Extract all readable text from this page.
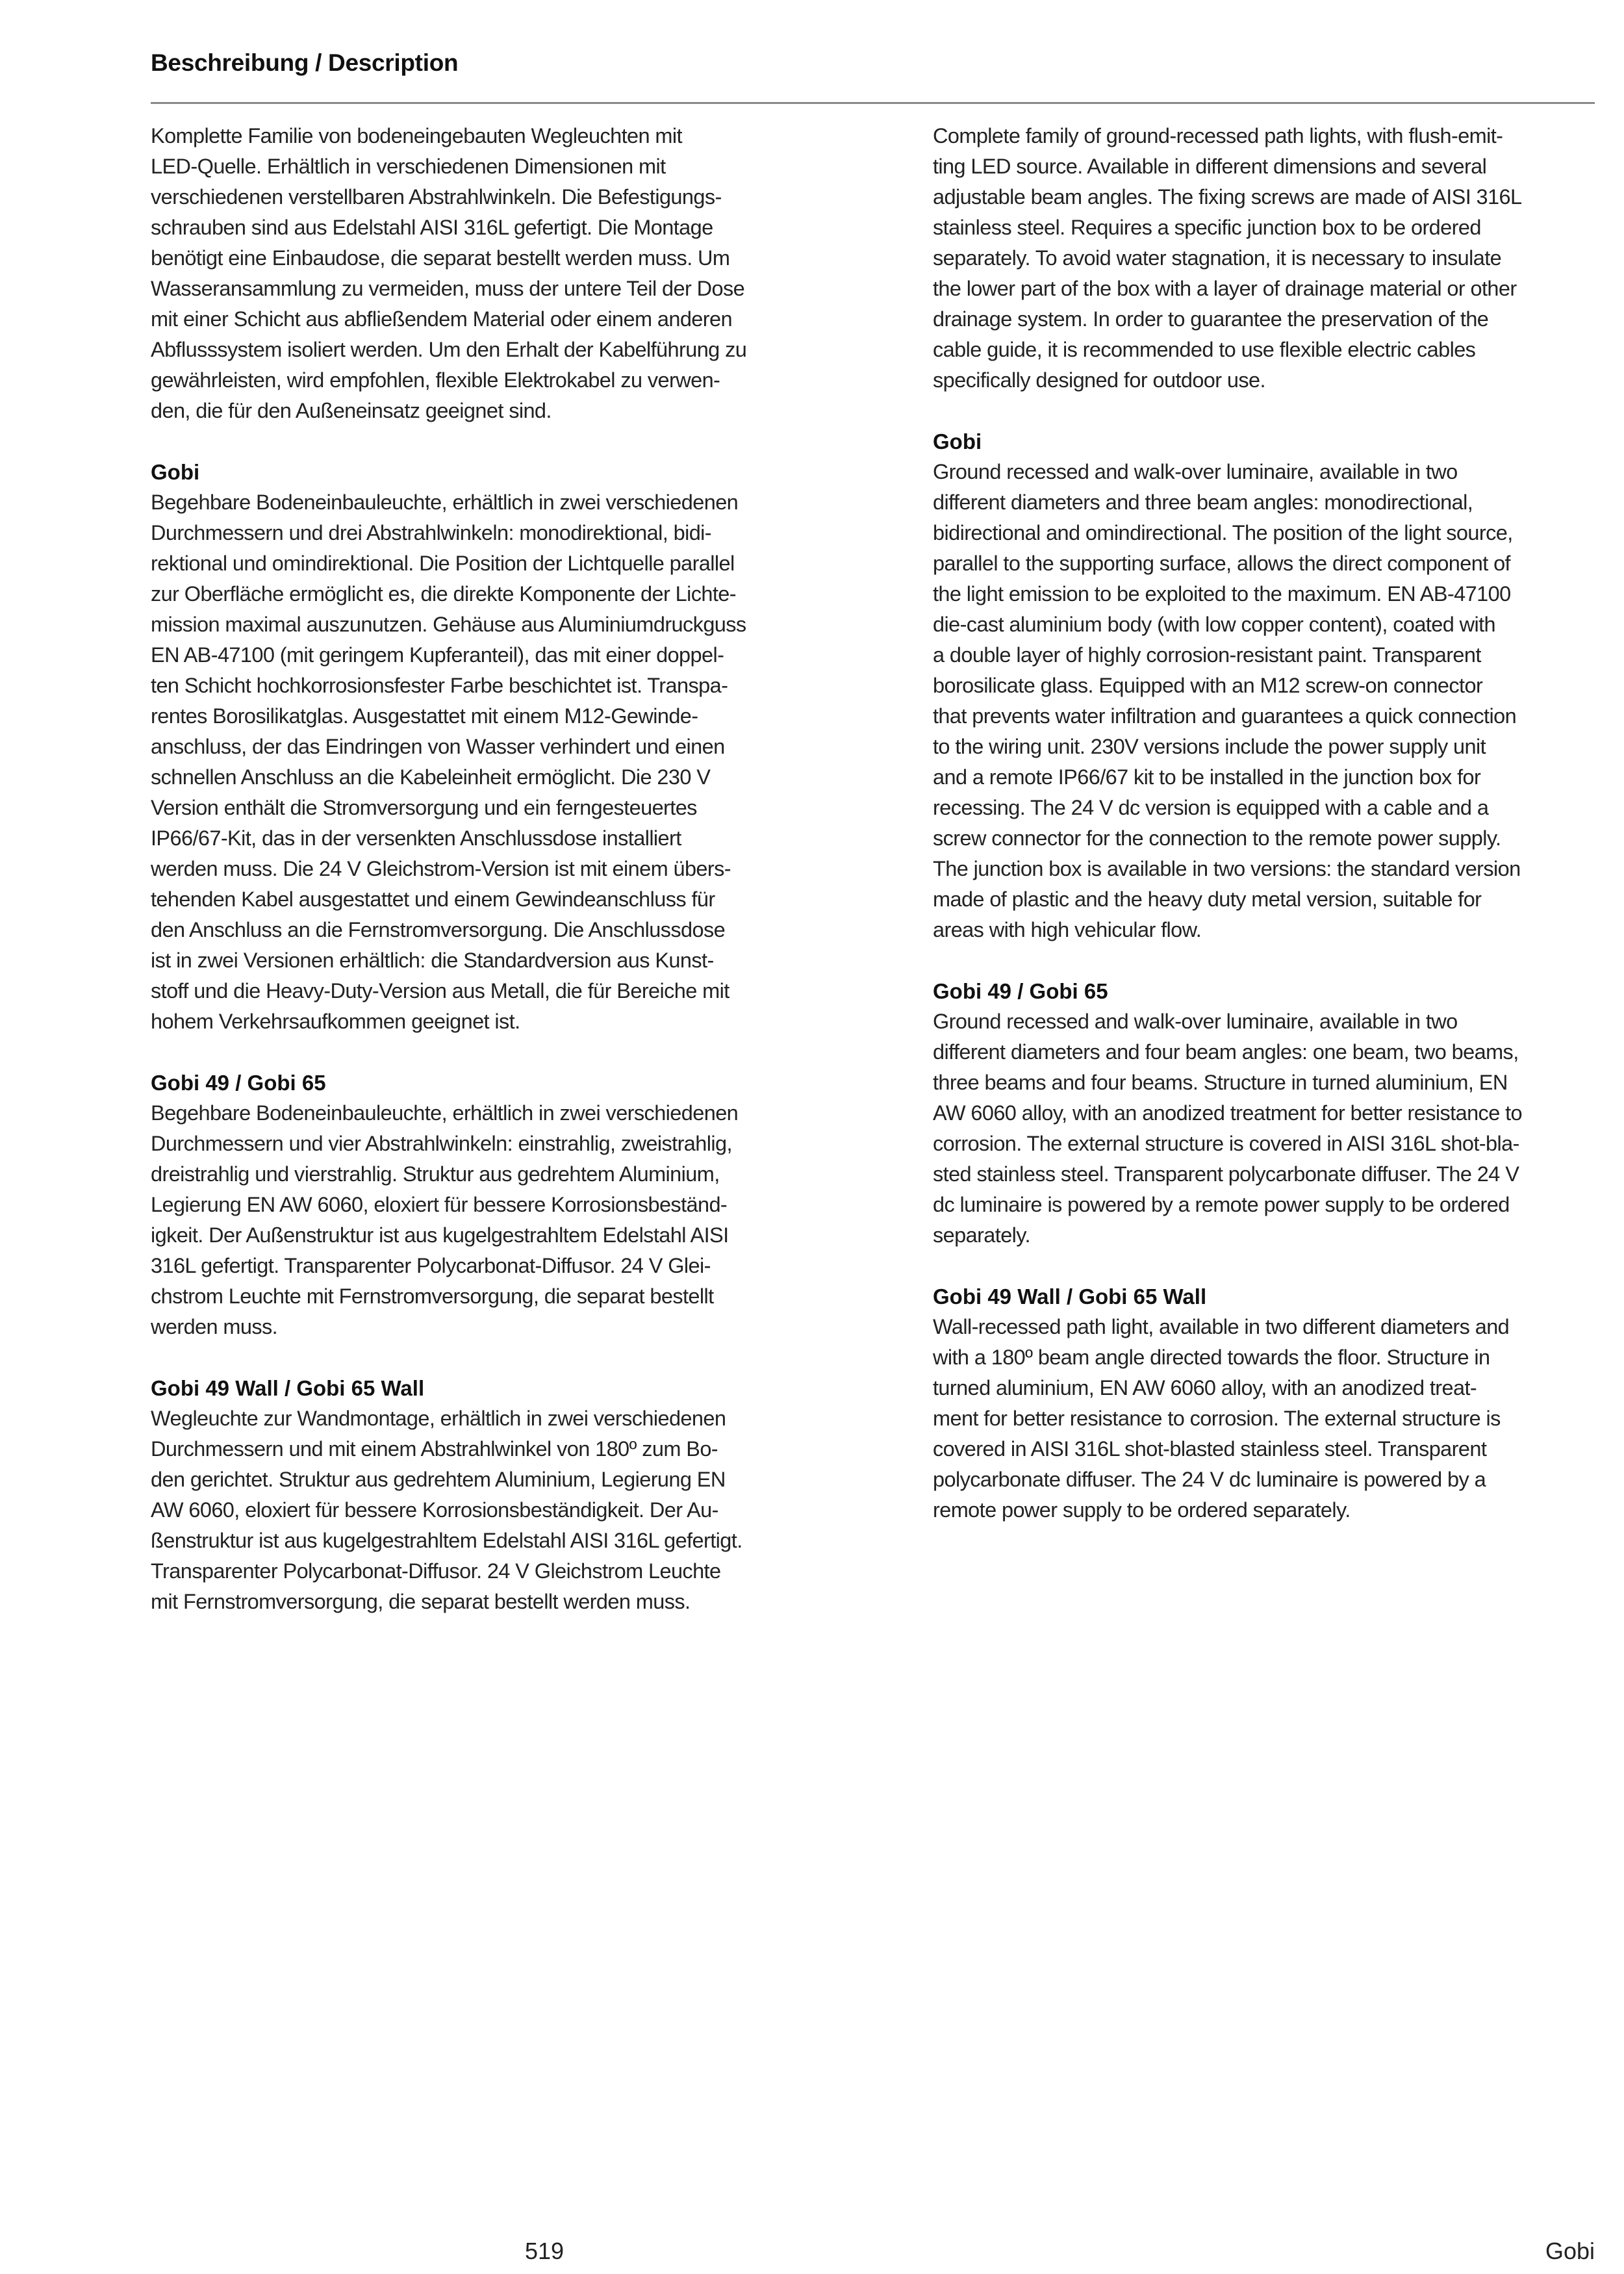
Beschreibung / Description
Komplette Familie von bodeneingebauten Wegleuchten mit
LED-Quelle. Erhältlich in verschiedenen Dimensionen mit
verschiedenen verstellbaren Abstrahlwinkeln. Die Befestigungs-
schrauben sind aus Edelstahl AISI 316L gefertigt. Die Montage
benötigt eine Einbaudose, die separat bestellt werden muss. Um
Wasseransammlung zu vermeiden, muss der untere Teil der Dose
mit einer Schicht aus abfließendem Material oder einem anderen
Abflusssystem isoliert werden. Um den Erhalt der Kabelführung zu
gewährleisten, wird empfohlen, flexible Elektrokabel zu verwen-
den, die für den Außeneinsatz geeignet sind.
Gobi
Begehbare Bodeneinbauleuchte, erhältlich in zwei verschiedenen
Durchmessern und drei Abstrahlwinkeln: monodirektional, bidi-
rektional und omindirektional. Die Position der Lichtquelle parallel
zur Oberfläche ermöglicht es, die direkte Komponente der Lichte-
mission maximal auszunutzen. Gehäuse aus Aluminiumdruckguss
EN AB-47100 (mit geringem Kupferanteil), das mit einer doppel-
ten Schicht hochkorrosionsfester Farbe beschichtet ist. Transpa-
rentes Borosilikatglas. Ausgestattet mit einem M12-Gewinde-
anschluss, der das Eindringen von Wasser verhindert und einen
schnellen Anschluss an die Kabeleinheit ermöglicht. Die 230 V
Version enthält die Stromversorgung und ein ferngesteuertes
IP66/67-Kit, das in der versenkten Anschlussdose installiert
werden muss. Die 24 V Gleichstrom-Version ist mit einem übers-
tehenden Kabel ausgestattet und einem Gewindeanschluss für
den Anschluss an die Fernstromversorgung. Die Anschlussdose
ist in zwei Versionen erhältlich: die Standardversion aus Kunst-
stoff und die Heavy-Duty-Version aus Metall, die für Bereiche mit
hohem Verkehrsaufkommen geeignet ist.
Gobi 49 / Gobi 65
Begehbare Bodeneinbauleuchte, erhältlich in zwei verschiedenen
Durchmessern und vier Abstrahlwinkeln: einstrahlig, zweistrahlig,
dreistrahlig und vierstrahlig. Struktur aus gedrehtem Aluminium,
Legierung EN AW 6060, eloxiert für bessere Korrosionsbeständ-
igkeit. Der Außenstruktur ist aus kugelgestrahltem Edelstahl AISI
316L gefertigt. Transparenter Polycarbonat-Diffusor. 24 V Glei-
chstrom Leuchte mit Fernstromversorgung, die separat bestellt
werden muss.
Gobi 49 Wall / Gobi 65 Wall
Wegleuchte zur Wandmontage, erhältlich in zwei verschiedenen
Durchmessern und mit einem Abstrahlwinkel von 180º zum Bo-
den gerichtet. Struktur aus gedrehtem Aluminium, Legierung EN
AW 6060, eloxiert für bessere Korrosionsbeständigkeit. Der Au-
ßenstruktur ist aus kugelgestrahltem Edelstahl AISI 316L gefertigt.
Transparenter Polycarbonat-Diffusor. 24 V Gleichstrom Leuchte
mit Fernstromversorgung, die separat bestellt werden muss.
Complete family of ground-recessed path lights, with flush-emit-
ting LED source. Available in different dimensions and several
adjustable beam angles. The fixing screws are made of AISI 316L
stainless steel. Requires a specific junction box to be ordered
separately. To avoid water stagnation, it is necessary to insulate
the lower part of the box with a layer of drainage material or other
drainage system. In order to guarantee the preservation of the
cable guide, it is recommended to use flexible electric cables
specifically designed for outdoor use.
Gobi
Ground recessed and walk-over luminaire, available in two
different diameters and three beam angles: monodirectional,
bidirectional and omindirectional. The position of the light source,
parallel to the supporting surface, allows the direct component of
the light emission to be exploited to the maximum. EN AB-47100
die-cast aluminium body (with low copper content), coated with
a double layer of highly corrosion-resistant paint. Transparent
borosilicate glass. Equipped with an M12 screw-on connector
that prevents water infiltration and guarantees a quick connection
to the wiring unit. 230V versions include the power supply unit
and a remote IP66/67 kit to be installed in the junction box for
recessing. The 24 V dc version is equipped with a cable and a
screw connector for the connection to the remote power supply.
The junction box is available in two versions: the standard version
made of plastic and the heavy duty metal version, suitable for
areas with high vehicular flow.
Gobi 49 / Gobi 65
Ground recessed and walk-over luminaire, available in two
different diameters and four beam angles: one beam, two beams,
three beams and four beams. Structure in turned aluminium, EN
AW 6060 alloy, with an anodized treatment for better resistance to
corrosion. The external structure is covered in AISI 316L shot-bla-
sted stainless steel. Transparent polycarbonate diffuser. The 24 V
dc luminaire is powered by a remote power supply to be ordered
separately.
Gobi 49 Wall / Gobi 65 Wall
Wall-recessed path light, available in two different diameters and
with a 180º beam angle directed towards the floor. Structure in
turned aluminium, EN AW 6060 alloy, with an anodized treat-
ment for better resistance to corrosion. The external structure is
covered in AISI 316L shot-blasted stainless steel. Transparent
polycarbonate diffuser. The 24 V dc luminaire is powered by a
remote power supply to be ordered separately.
519	Gobi
